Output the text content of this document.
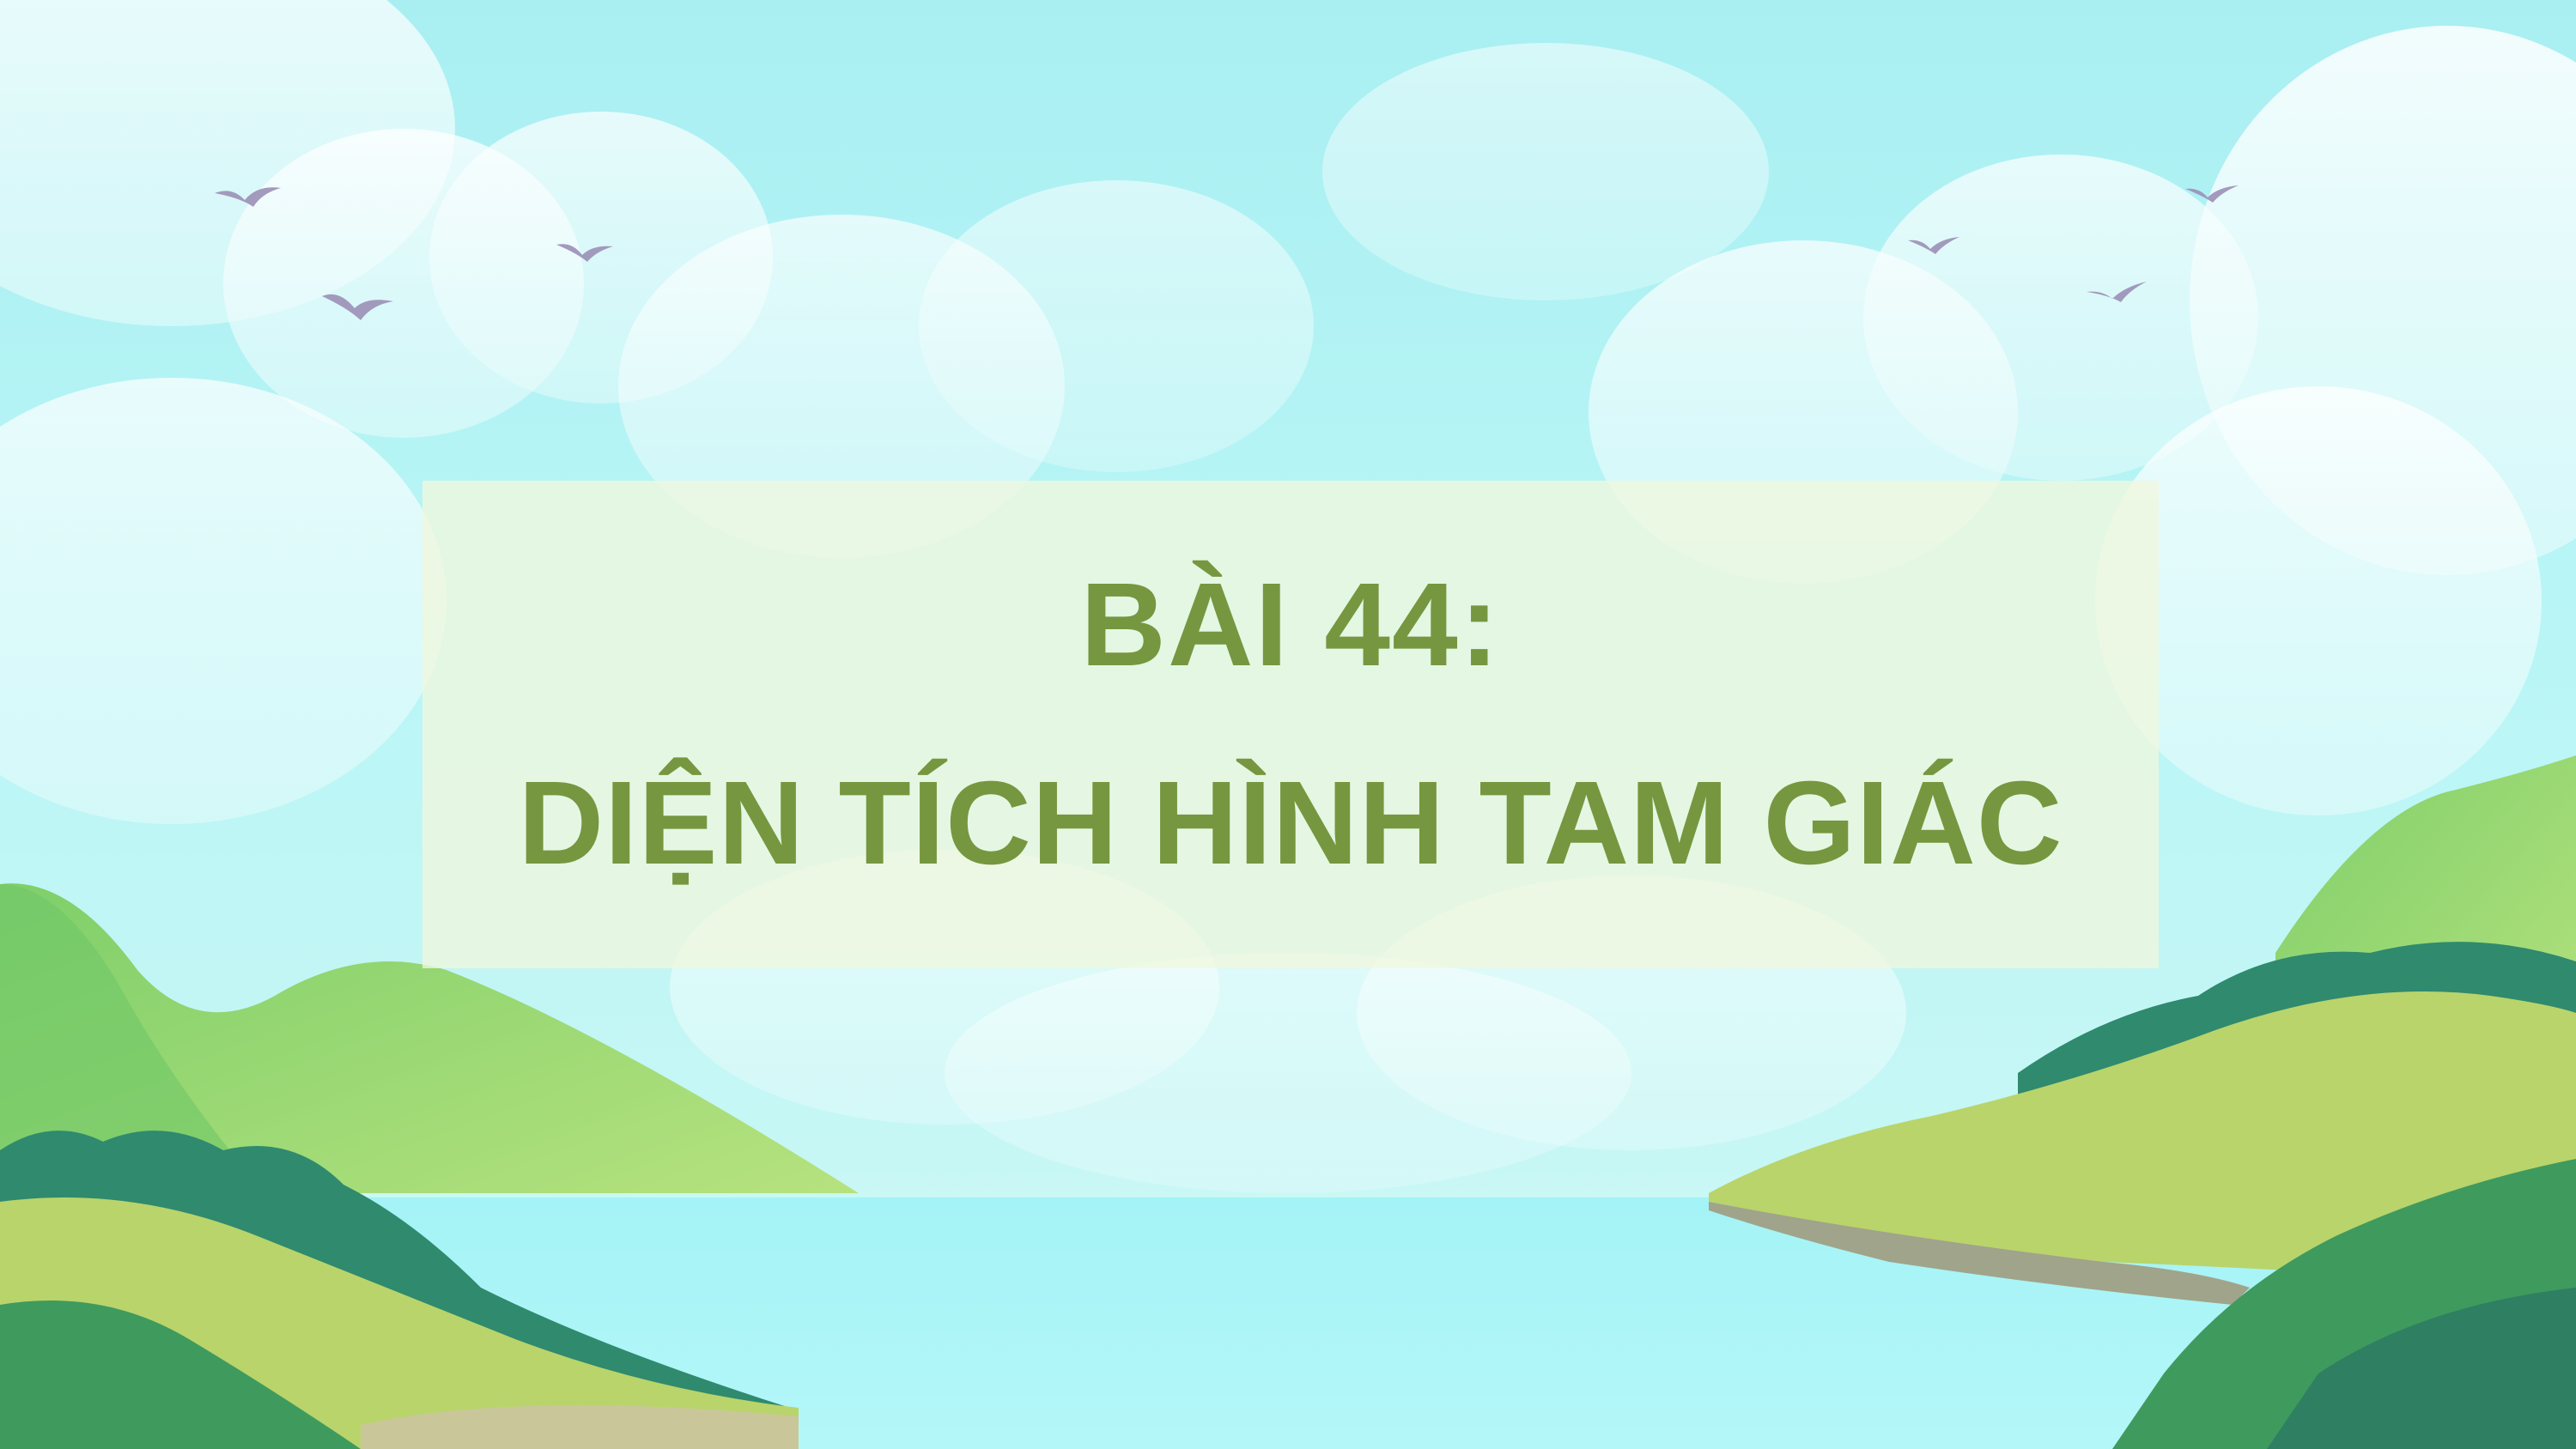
BÀI 44:
DIỆN TÍCH HÌNH TAM GIÁC
